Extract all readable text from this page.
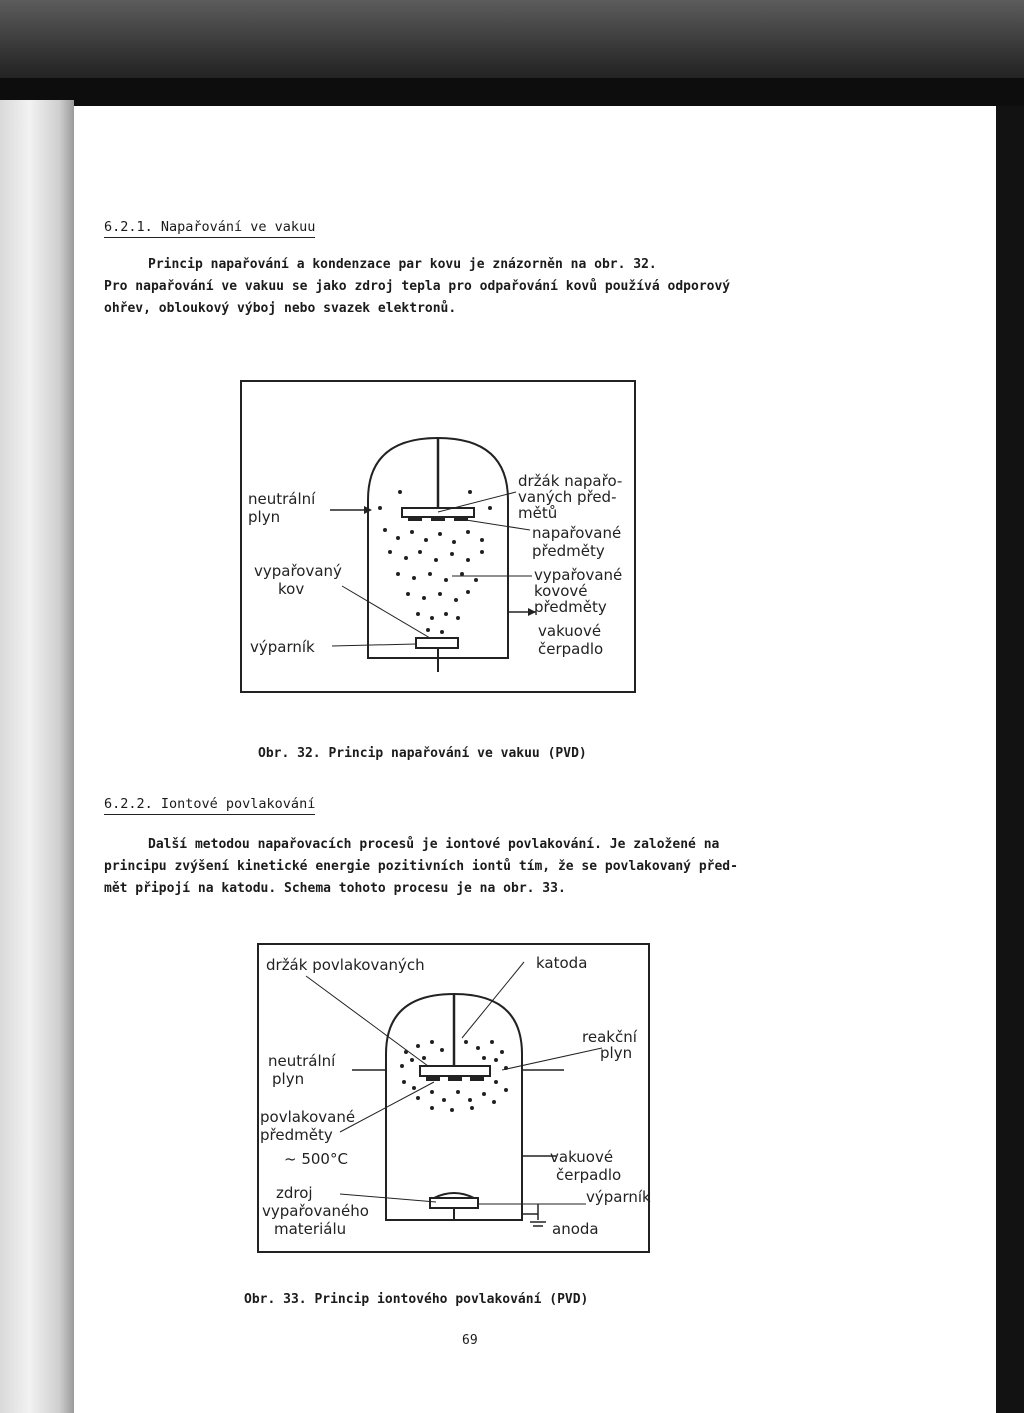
6.2.1. Napařování ve vakuu
Princip napařování a kondenzace par kovu je znázorněn na obr. 32.
Pro napařování ve vakuu se jako zdroj tepla pro odpařování kovů používá odporový
ohřev, obloukový výboj nebo svazek elektronů.
neutrální
plyn
vypařovaný
kov
výparník
držák napařo-
vaných před-
mětů
napařované
předměty
vypařované
kovové
předměty
vakuové
čerpadlo
Obr. 32. Princip napařování ve vakuu (PVD)
6.2.2. Iontové povlakování
Další metodou napařovacích procesů je iontové povlakování. Je založené na
principu zvýšení kinetické energie pozitivních iontů tím, že se povlakovaný před-
mět připojí na katodu. Schema tohoto procesu je na obr. 33.
držák povlakovaných	katoda
reakční
plyn
neutrální
plyn
povlakované
předměty
~ 500°C	vakuové
čerpadlo
zdroj
vypařovaného
materiálu
výparník
anoda
Obr. 33. Princip iontového povlakování (PVD)
69
